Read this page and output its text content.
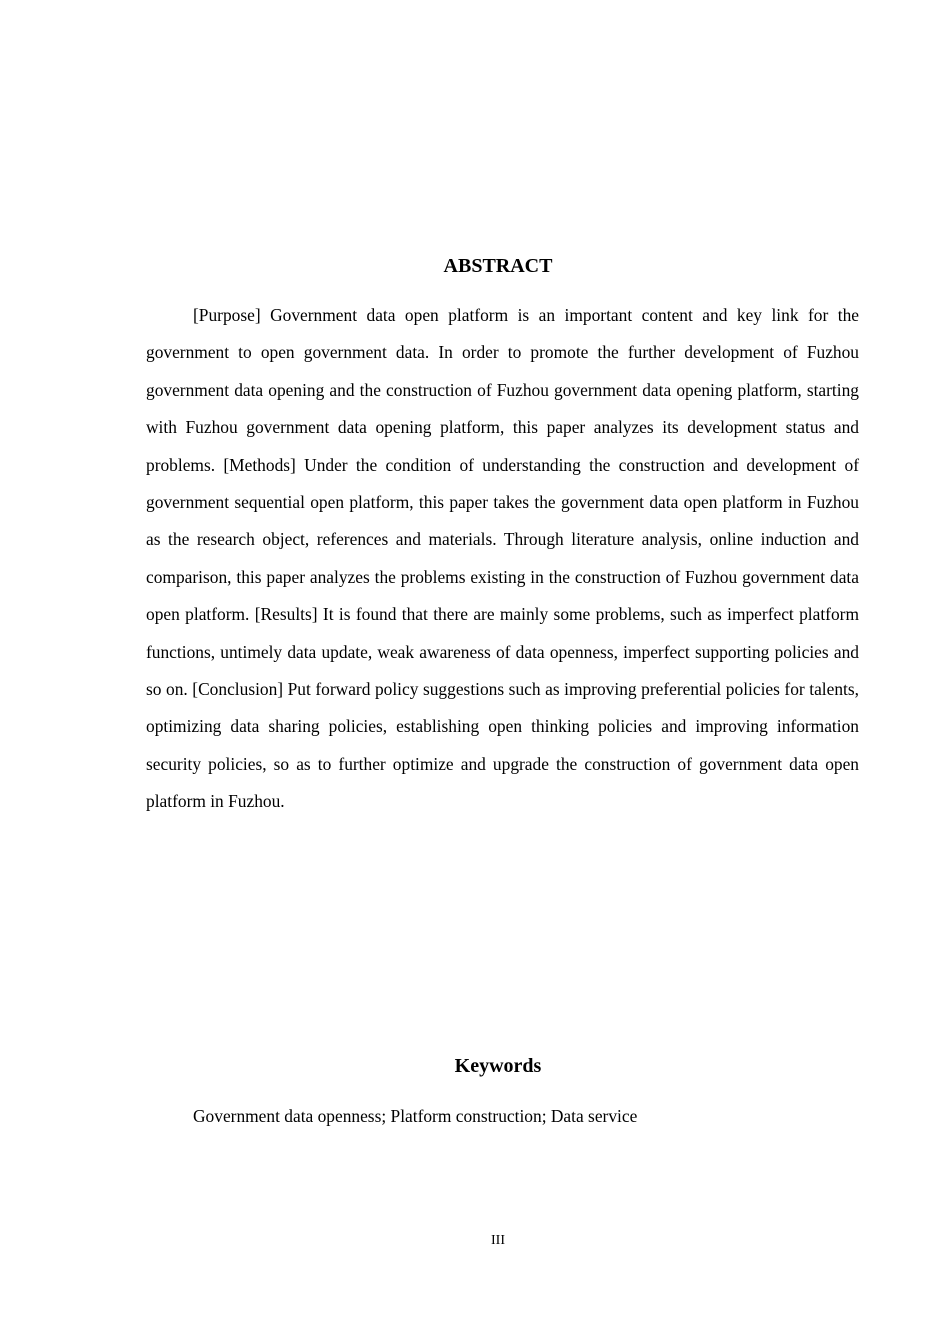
ABSTRACT

[Purpose] Government data open platform is an important content and key link for the government to open government data. In order to promote the further development of Fuzhou government data opening and the construction of Fuzhou government data opening platform, starting with Fuzhou government data opening platform, this paper analyzes its development status and problems. [Methods] Under the condition of understanding the construction and development of government sequential open platform, this paper takes the government data open platform in Fuzhou as the research object, references and materials. Through literature analysis, online induction and comparison, this paper analyzes the problems existing in the construction of Fuzhou government data open platform. [Results] It is found that there are mainly some problems, such as imperfect platform functions, untimely data update, weak awareness of data openness, imperfect supporting policies and so on. [Conclusion] Put forward policy suggestions such as improving preferential policies for talents, optimizing data sharing policies, establishing open thinking policies and improving information security policies, so as to further optimize and upgrade the construction of government data open platform in Fuzhou.

Keywords

Government data openness; Platform construction; Data service

III
